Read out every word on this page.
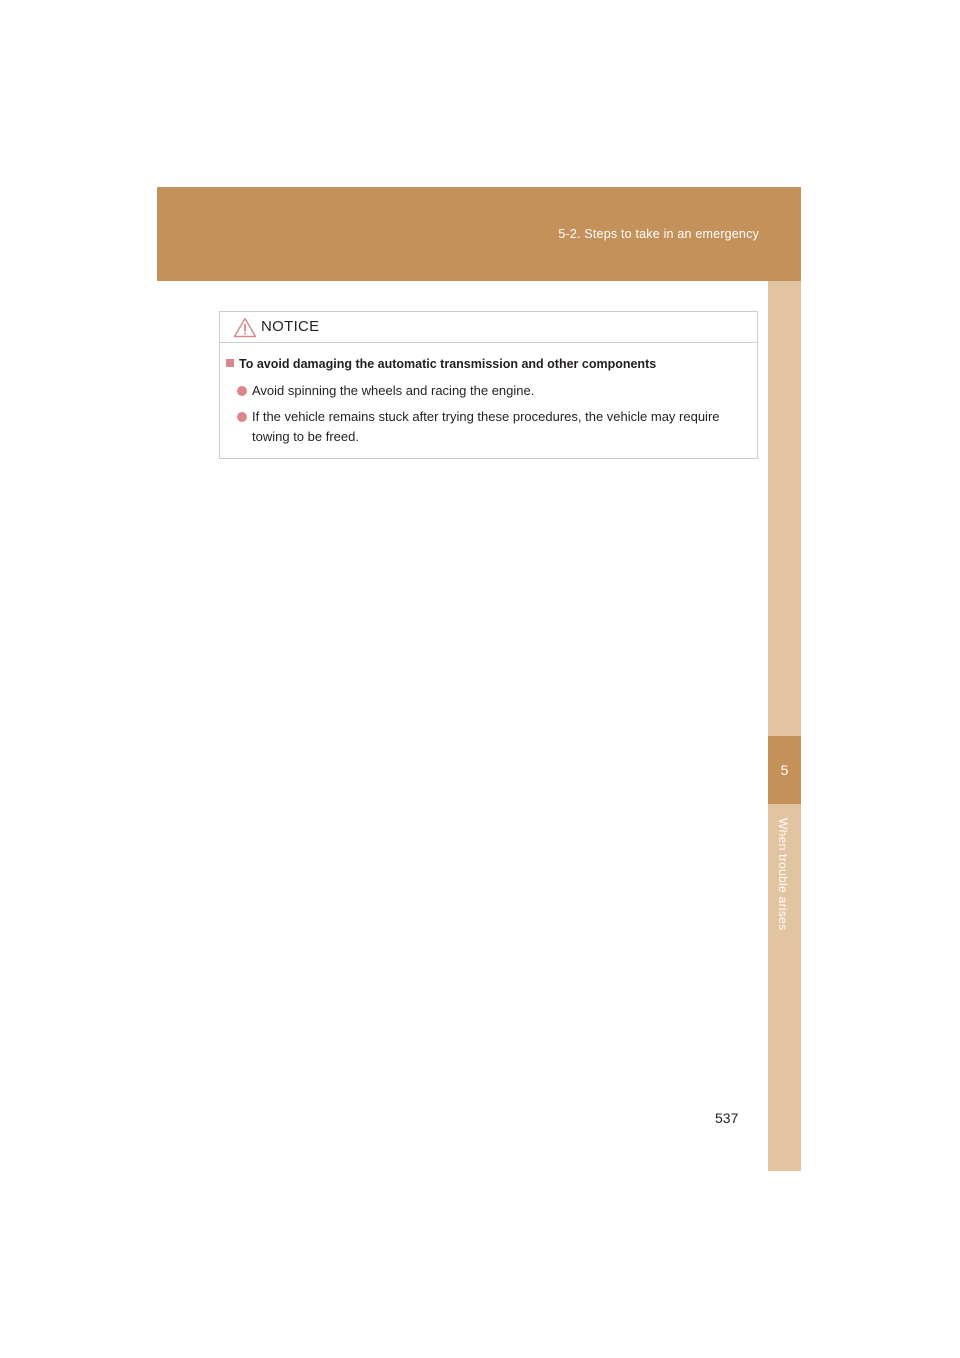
5-2. Steps to take in an emergency
5
When trouble arises
NOTICE
To avoid damaging the automatic transmission and other components
Avoid spinning the wheels and racing the engine.
If the vehicle remains stuck after trying these procedures, the vehicle may require towing to be freed.
537
